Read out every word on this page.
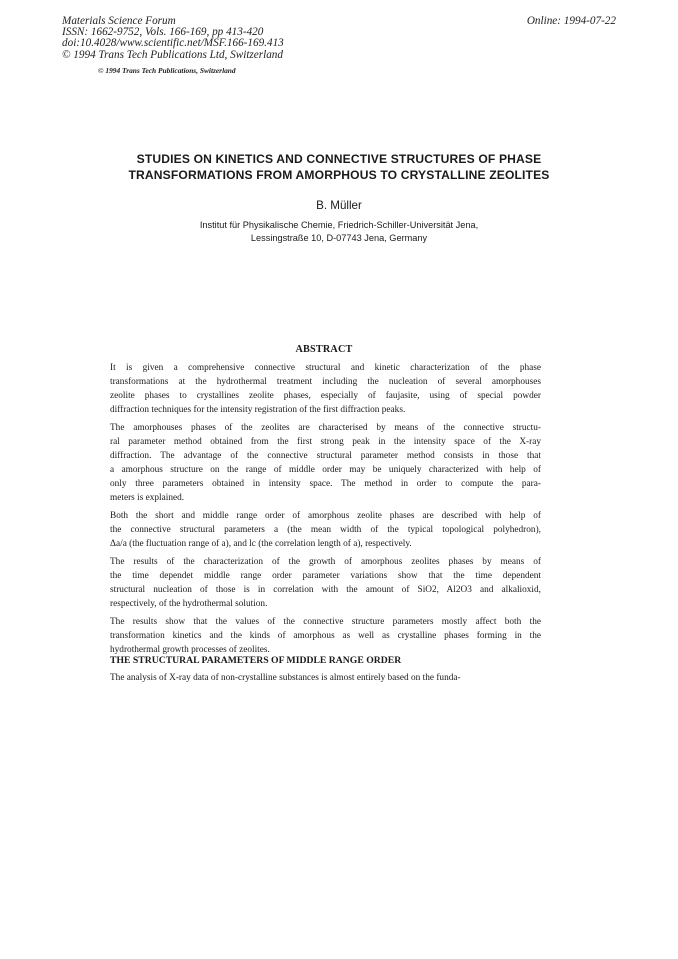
Materials Science Forum
ISSN: 1662-9752, Vols. 166-169, pp 413-420
doi:10.4028/www.scientific.net/MSF.166-169.413
© 1994 Trans Tech Publications Ltd, Switzerland
Online: 1994-07-22
© 1994 Trans Tech Publications, Switzerland
STUDIES ON KINETICS AND CONNECTIVE STRUCTURES OF PHASE
TRANSFORMATIONS FROM AMORPHOUS TO CRYSTALLINE ZEOLITES
B. Müller
Institut für Physikalische Chemie, Friedrich-Schiller-Universität Jena,
Lessingstraße 10, D-07743 Jena, Germany
ABSTRACT
It is given a comprehensive connective structural and kinetic characterization of the phase
transformations at the hydrothermal treatment including the nucleation of several amorphouses
zeolite phases to crystallines zeolite phases, especially of faujasite, using of special powder
diffraction techniques for the intensity registration of the first diffraction peaks.
The amorphouses phases of the zeolites are characterised by means of the connective structu-
ral parameter method obtained from the first strong peak in the intensity space of the X-ray
diffraction. The advantage of the connective structural parameter method consists in those that
a amorphous structure on the range of middle order may be uniquely characterized with help of
only three parameters obtained in intensity space. The method in order to compute the para-
meters is explained.
Both the short and middle range order of amorphous zeolite phases are described with help of
the connective structural parameters a (the mean width of the typical topological polyhedron),
Δa/a (the fluctuation range of a), and lc (the correlation length of a), respectively.
The results of the characterization of the growth of amorphous zeolites phases by means of
the time dependet middle range order parameter variations show that the time dependent
structural nucleation of those is in correlation with the amount of SiO2, Al2O3 and alkalioxid,
respectively, of the hydrothermal solution.
The results show that the values of the connective structure parameters mostly affect both the
transformation kinetics and the kinds of amorphous as well as crystalline phases forming in the
hydrothermal growth processes of zeolites.
THE STRUCTURAL PARAMETERS OF MIDDLE RANGE ORDER
The analysis of X-ray data of non-crystalline substances is almost entirely based on the funda-
